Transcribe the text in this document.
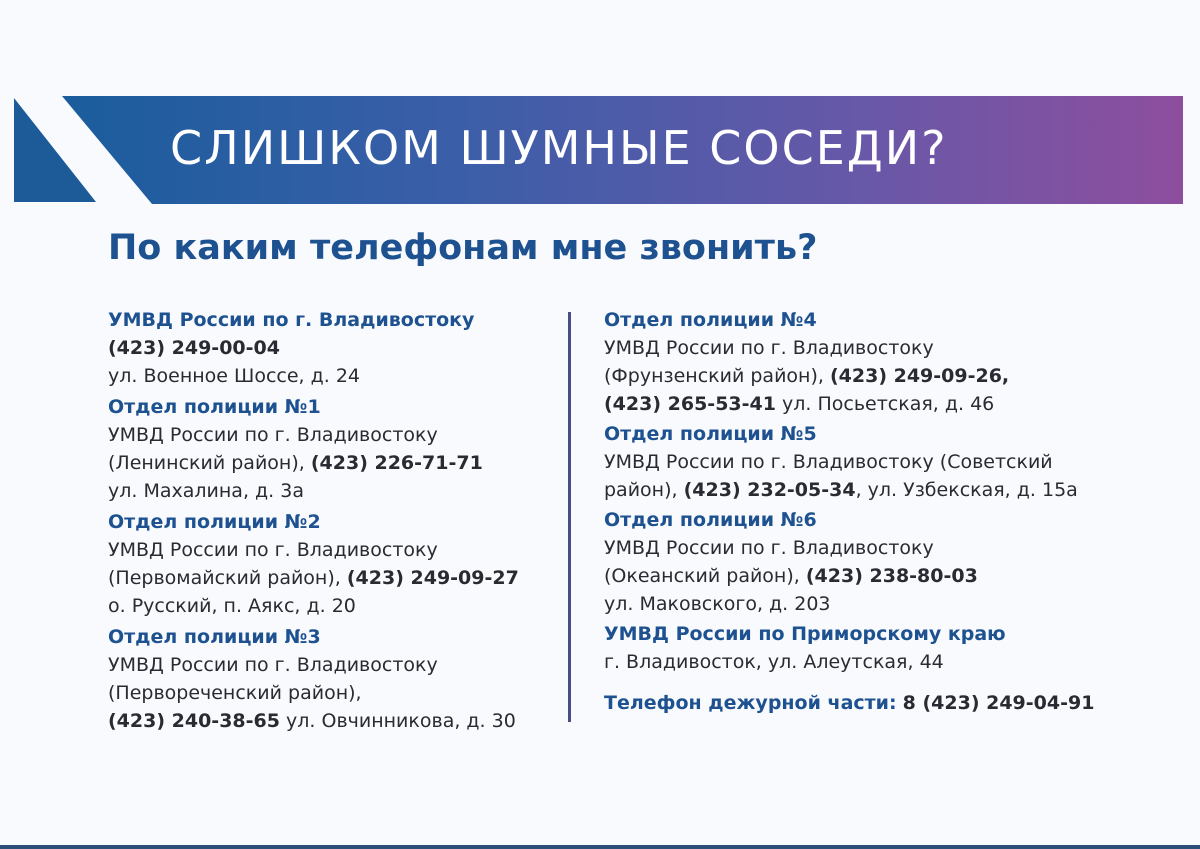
СЛИШКОМ ШУМНЫЕ СОСЕДИ?
По каким телефонам мне звонить?
УМВД России по г. Владивостоку
(423) 249-00-04
ул. Военное Шоссе, д. 24
Отдел полиции №1
УМВД России по г. Владивостоку
(Ленинский район), (423) 226-71-71
ул. Махалина, д. 3а
Отдел полиции №2
УМВД России по г. Владивостоку
(Первомайский район), (423) 249-09-27
о. Русский, п. Аякс, д. 20
Отдел полиции №3
УМВД России по г. Владивостоку
(Первореченский район),
(423) 240-38-65 ул. Овчинникова, д. 30
Отдел полиции №4
УМВД России по г. Владивостоку
(Фрунзенский район), (423) 249-09-26,
(423) 265-53-41 ул. Посьетская, д. 46
Отдел полиции №5
УМВД России по г. Владивостоку (Советский
район), (423) 232-05-34, ул. Узбекская, д. 15а
Отдел полиции №6
УМВД России по г. Владивостоку
(Океанский район), (423) 238-80-03
ул. Маковского, д. 203
УМВД России по Приморскому краю
г. Владивосток, ул. Алеутская, 44
Телефон дежурной части: 8 (423) 249-04-91
